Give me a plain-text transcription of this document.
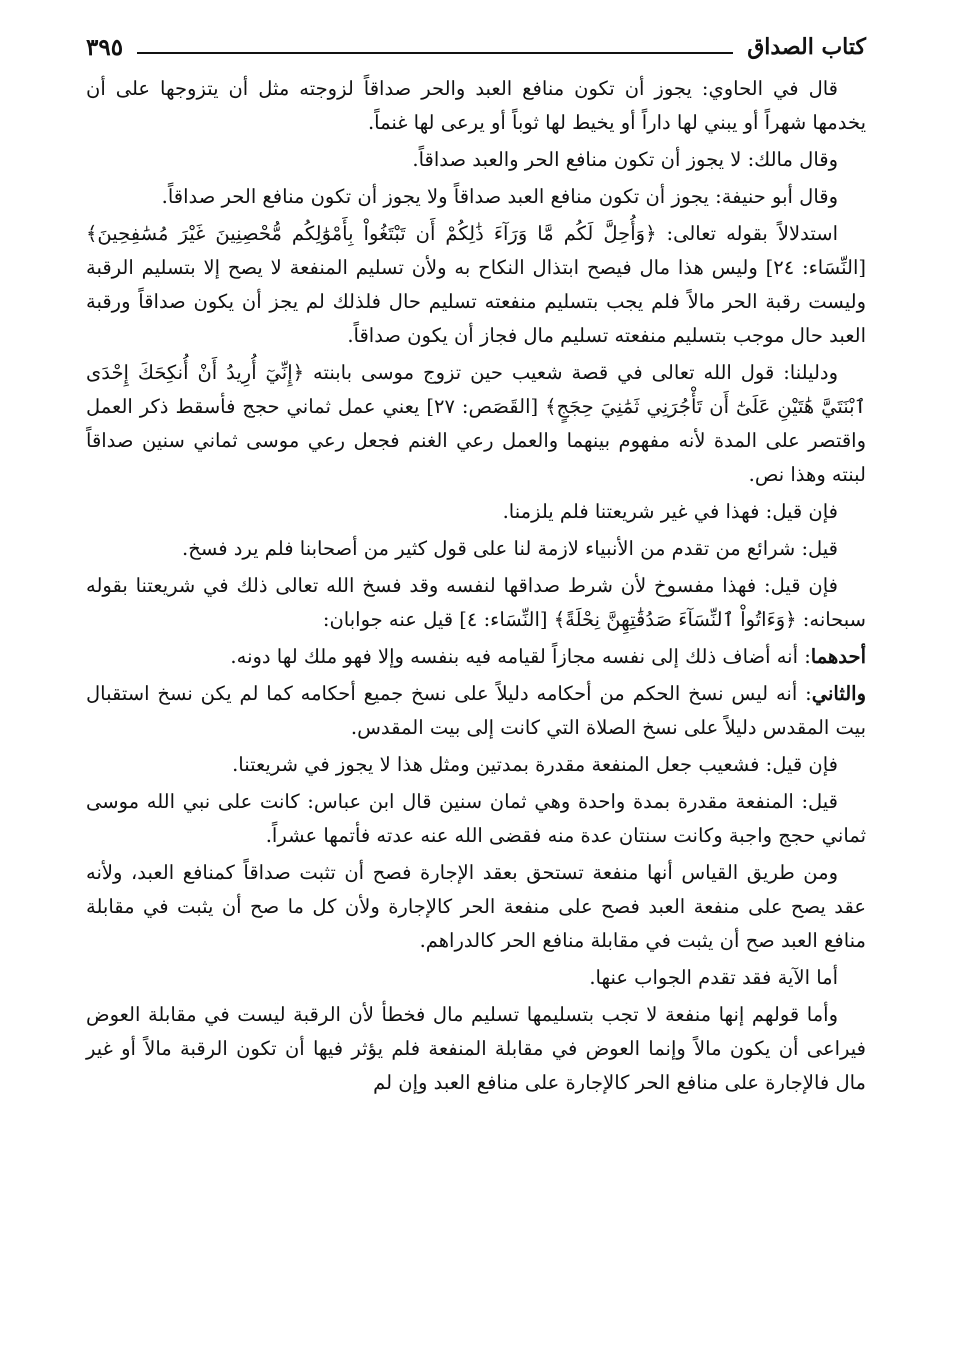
كتاب الصداق
٣٩٥

قال في الحاوي: يجوز أن تكون منافع العبد والحر صداقاً لزوجته مثل أن يتزوجها على أن يخدمها شهراً أو يبني لها داراً أو يخيط لها ثوباً أو يرعى لها غنماً.

وقال مالك: لا يجوز أن تكون منافع الحر والعبد صداقاً.

وقال أبو حنيفة: يجوز أن تكون منافع العبد صداقاً ولا يجوز أن تكون منافع الحر صداقاً.

استدلالاً بقوله تعالى: ﴿وَأُحِلَّ لَكُم مَّا وَرَآءَ ذَٰلِكُمْ أَن تَبْتَغُواْ بِأَمْوَٰلِكُم مُّحْصِنِينَ غَيْرَ مُسَٰفِحِينَ﴾ [النِّسَاء: ٢٤] وليس هذا مال فيصح ابتذال النكاح به ولأن تسليم المنفعة لا يصح إلا بتسليم الرقبة وليست رقبة الحر مالاً فلم يجب بتسليم منفعته تسليم حال فلذلك لم يجز أن يكون صداقاً ورقبة العبد حال موجب بتسليم منفعته تسليم مال فجاز أن يكون صداقاً.

ودليلنا: قول الله تعالى في قصة شعيب حين تزوج موسى بابنته ﴿إِنِّيٓ أُرِيدُ أَنْ أُنكِحَكَ إِحْدَى ٱبْنَتَيَّ هَٰتَيْنِ عَلَىٰٓ أَن تَأْجُرَنِي ثَمَٰنِيَ حِجَجٍ﴾ [القَصَص: ٢٧] يعني عمل ثماني حجج فأسقط ذكر العمل واقتصر على المدة لأنه مفهوم بينهما والعمل رعي الغنم فجعل رعي موسى ثماني سنين صداقاً لبنته وهذا نص.

فإن قيل: فهذا في غير شريعتنا فلم يلزمنا.

قيل: شرائع من تقدم من الأنبياء لازمة لنا على قول كثير من أصحابنا فلم يرد فسخ.

فإن قيل: فهذا مفسوخ لأن شرط صداقها لنفسه وقد فسخ الله تعالى ذلك في شريعتنا بقوله سبحانه: ﴿وَءَاتُواْ ٱلنِّسَآءَ صَدُقَٰتِهِنَّ نِحْلَةً﴾ [النِّسَاء: ٤] قيل عنه جوابان:

أحدهما: أنه أضاف ذلك إلى نفسه مجازاً لقيامه فيه بنفسه وإلا فهو ملك لها دونه.

والثاني: أنه ليس نسخ الحكم من أحكامه دليلاً على نسخ جميع أحكامه كما لم يكن نسخ استقبال بيت المقدس دليلاً على نسخ الصلاة التي كانت إلى بيت المقدس.

فإن قيل: فشعيب جعل المنفعة مقدرة بمدتين ومثل هذا لا يجوز في شريعتنا.

قيل: المنفعة مقدرة بمدة واحدة وهي ثمان سنين قال ابن عباس: كانت على نبي الله موسى ثماني حجج واجبة وكانت سنتان عدة منه فقضى الله عنه عدته فأتمها عشراً.

ومن طريق القياس أنها منفعة تستحق بعقد الإجارة فصح أن تثبت صداقاً كمنافع العبد، ولأنه عقد يصح على منفعة العبد فصح على منفعة الحر كالإجارة ولأن كل ما صح أن يثبت في مقابلة منافع العبد صح أن يثبت في مقابلة منافع الحر كالدراهم.

أما الآية فقد تقدم الجواب عنها.

وأما قولهم إنها منفعة لا تجب بتسليمها تسليم مال فخطأ لأن الرقبة ليست في مقابلة العوض فيراعى أن يكون مالاً وإنما العوض في مقابلة المنفعة فلم يؤثر فيها أن تكون الرقبة مالاً أو غير مال فالإجارة على منافع الحر كالإجارة على منافع العبد وإن لم
